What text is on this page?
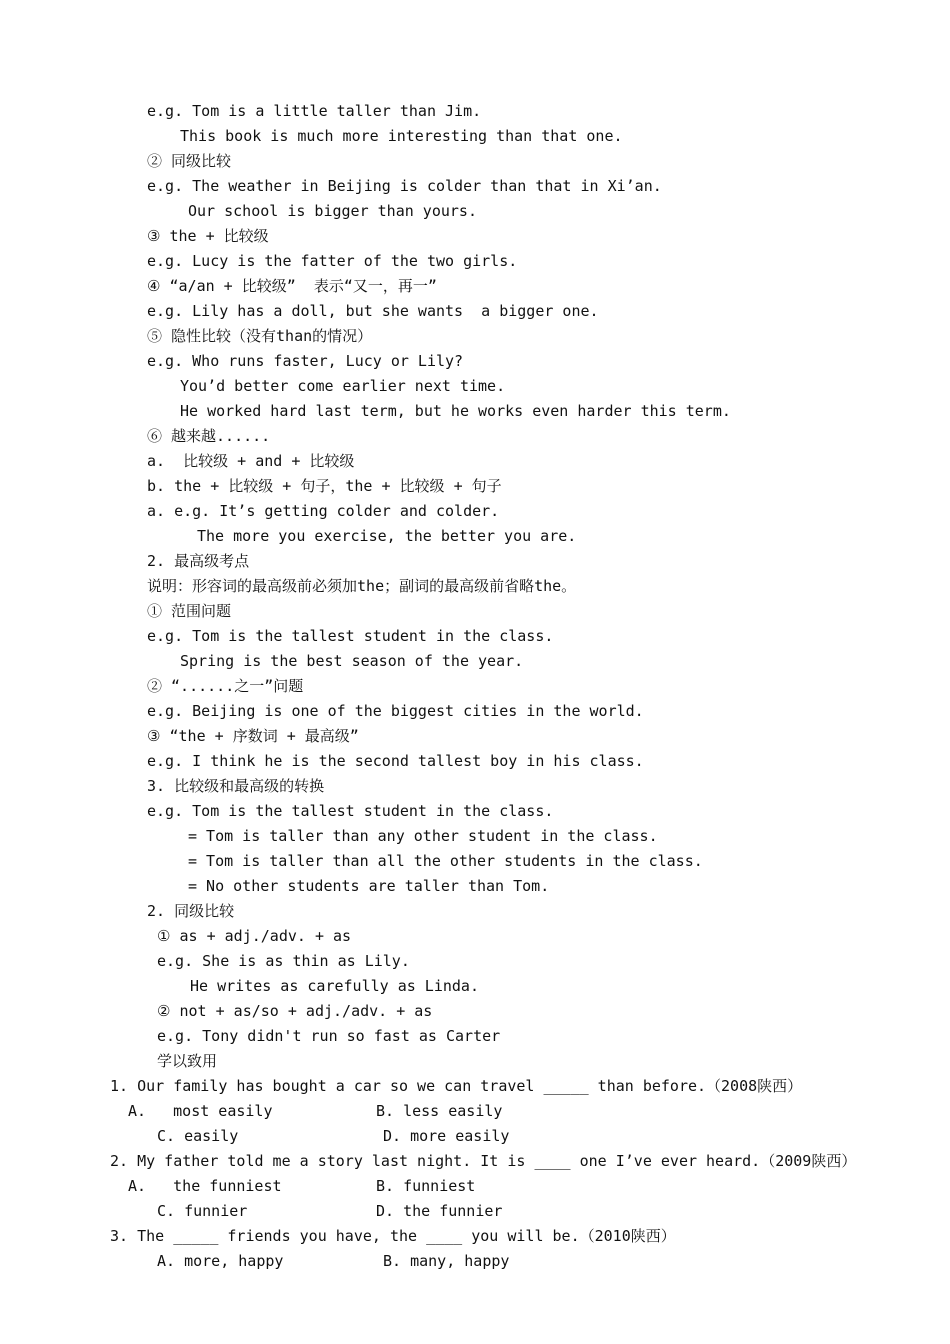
e.g. Tom is a little taller than Jim.
This book is much more interesting than that one.
② 同级比较
e.g. The weather in Beijing is colder than that in Xi’an.
Our school is bigger than yours.
③ the + 比较级
e.g. Lucy is the fatter of the two girls.
④ “a/an + 比较级”  表示“又一，再一”
e.g. Lily has a doll, but she wants  a bigger one.
⑤ 隐性比较（没有than的情况）
e.g. Who runs faster, Lucy or Lily?
You’d better come earlier next time.
He worked hard last term, but he works even harder this term.
⑥ 越来越......
a.  比较级 + and + 比较级
b. the + 比较级 + 句子，the + 比较级 + 句子
a. e.g. It’s getting colder and colder.
The more you exercise, the better you are.
2. 最高级考点
说明：形容词的最高级前必须加the；副词的最高级前省略the。
① 范围问题
e.g. Tom is the tallest student in the class.
Spring is the best season of the year.
② “......之一”问题
e.g. Beijing is one of the biggest cities in the world.
③ “the + 序数词 + 最高级”
e.g. I think he is the second tallest boy in his class.
3. 比较级和最高级的转换
e.g. Tom is the tallest student in the class.
= Tom is taller than any other student in the class.
= Tom is taller than all the other students in the class.
= No other students are taller than Tom.
2. 同级比较
① as + adj./adv. + as
e.g. She is as thin as Lily.
He writes as carefully as Linda.
② not + as/so + adj./adv. + as
e.g. Tony didn't run so fast as Carter
学以致用
1. Our family has bought a car so we can travel _____ than before.（2008陕西）
A.   most easily	B. less easily
C. easily	D. more easily
2. My father told me a story last night. It is ____ one I’ve ever heard.（2009陕西）
A.   the funniest	B. funniest
C. funnier	D. the funnier
3. The _____ friends you have, the ____ you will be.（2010陕西）
A. more, happy	B. many, happy
